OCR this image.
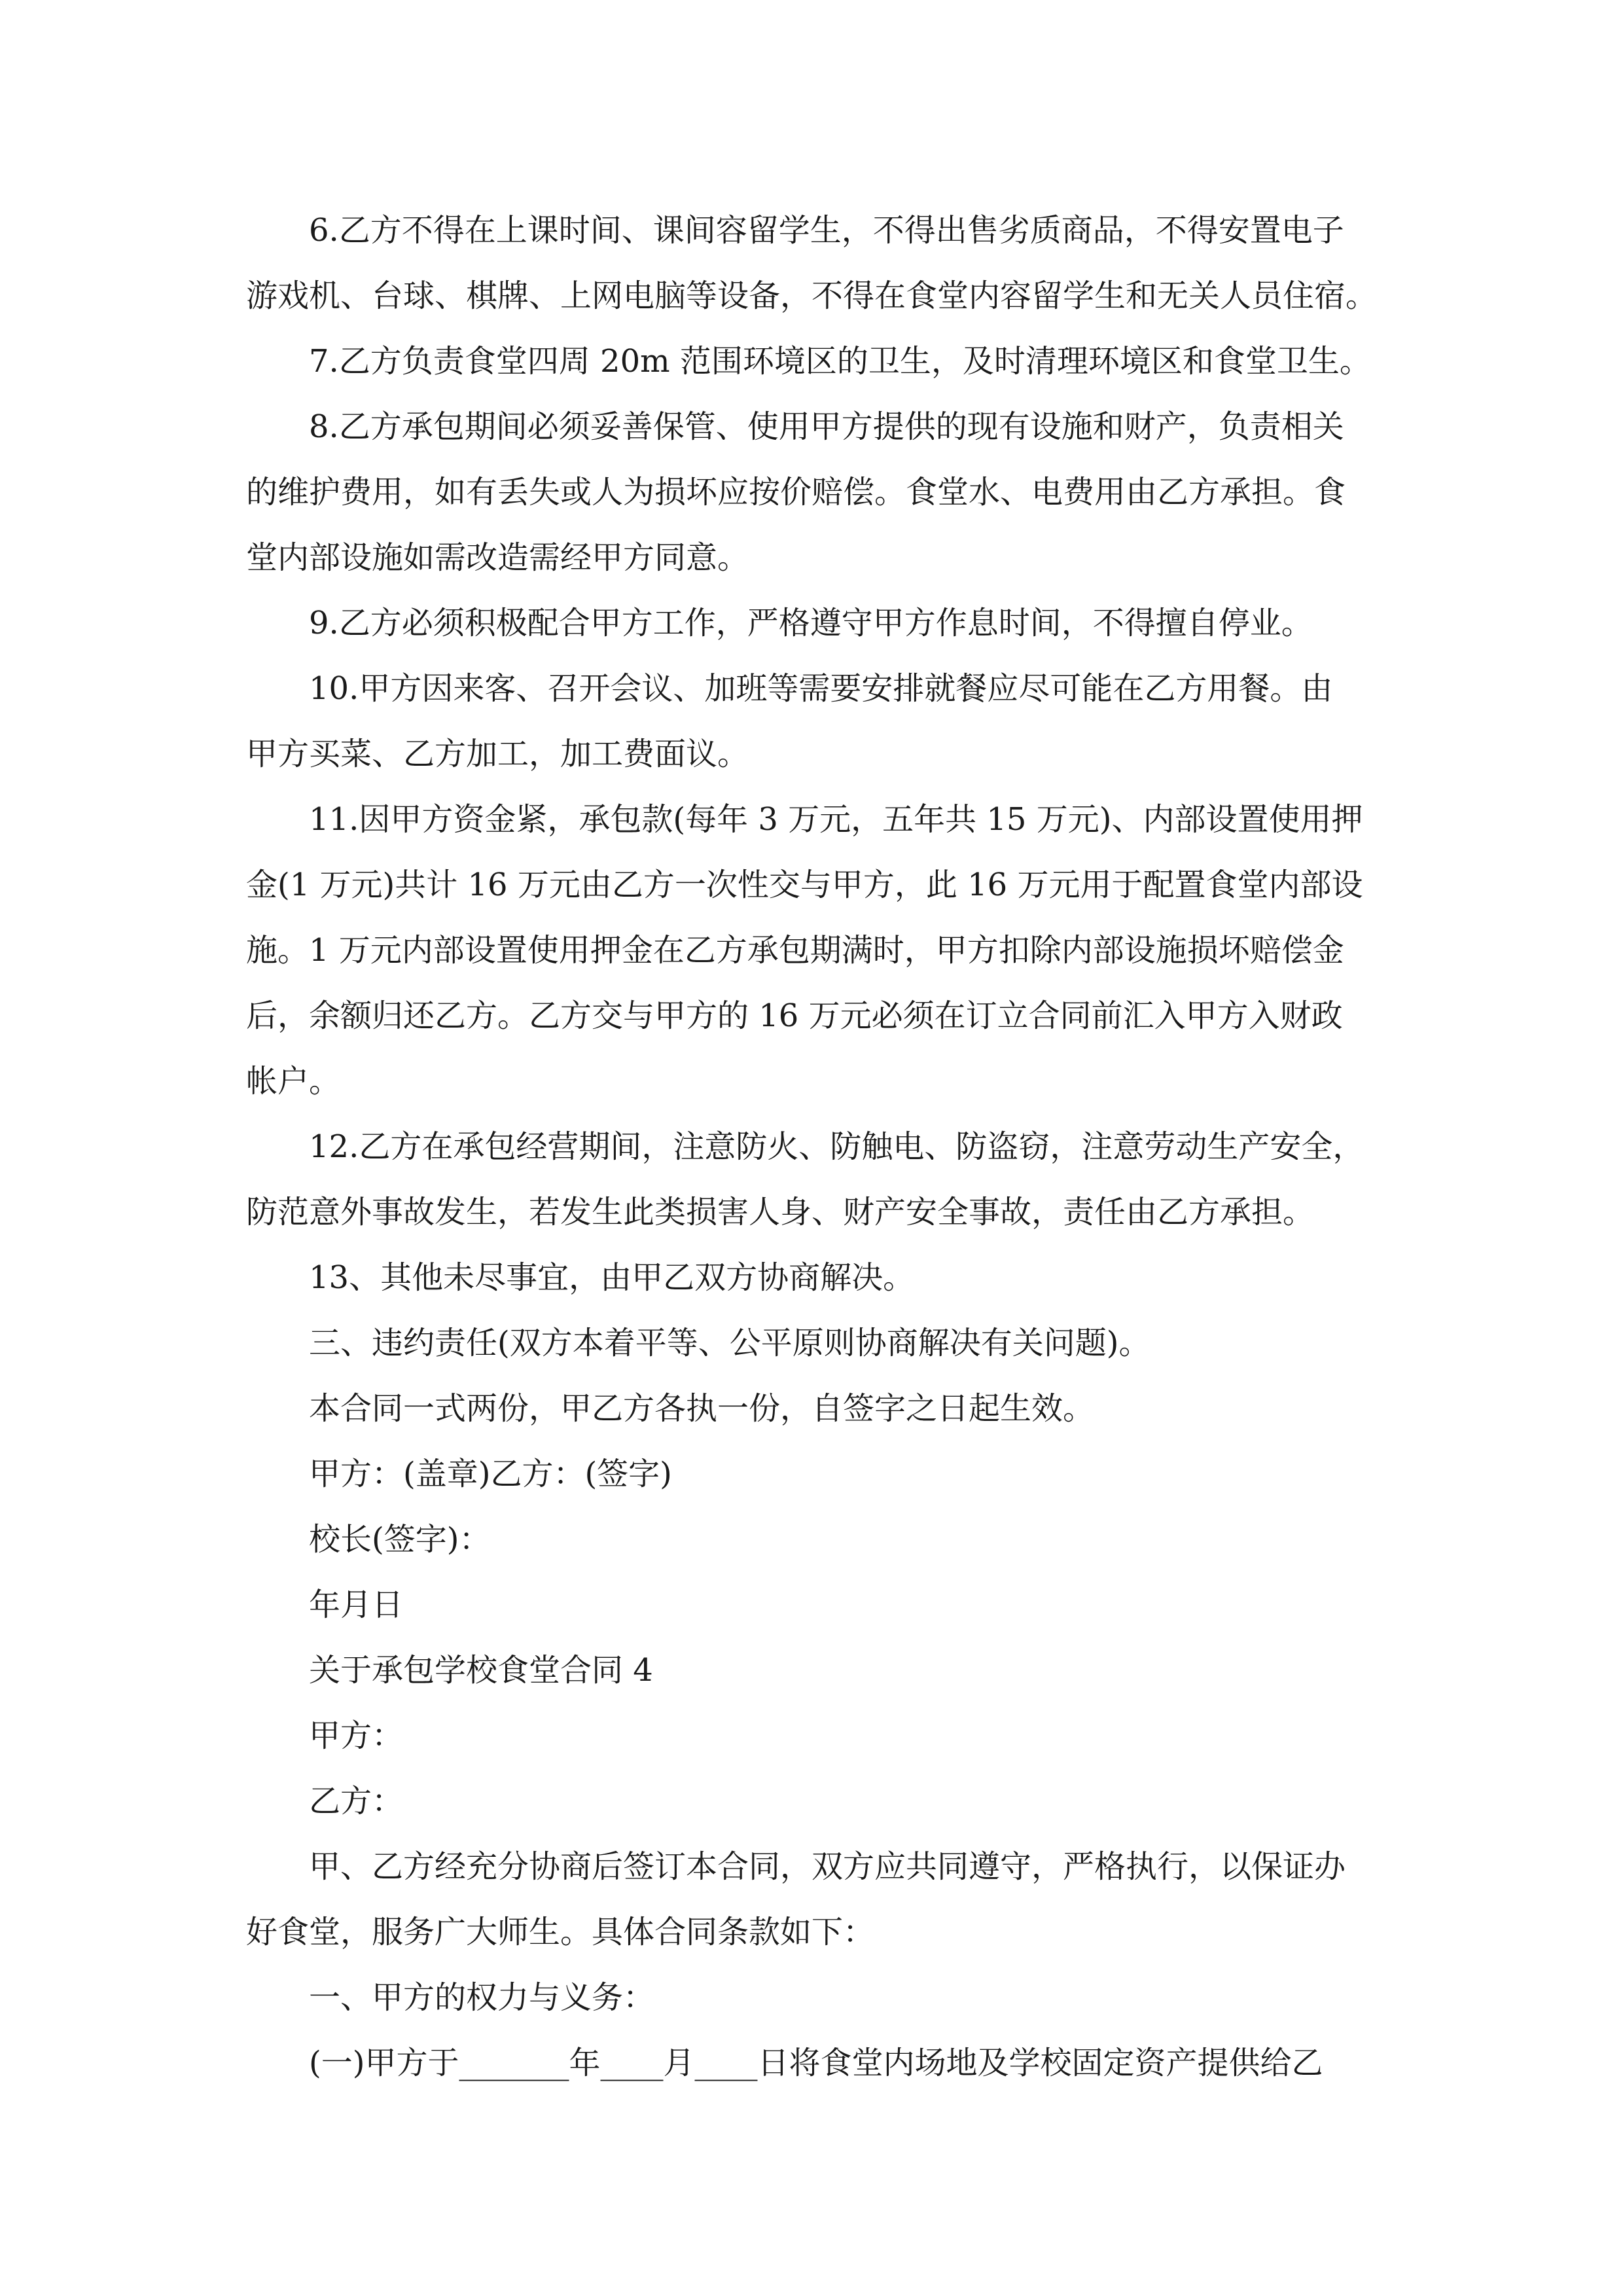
6.乙方不得在上课时间、课间容留学生，不得出售劣质商品，不得安置电子
游戏机、台球、棋牌、上网电脑等设备，不得在食堂内容留学生和无关人员住宿。
7.乙方负责食堂四周 20m 范围环境区的卫生，及时清理环境区和食堂卫生。
8.乙方承包期间必须妥善保管、使用甲方提供的现有设施和财产，负责相关
的维护费用，如有丢失或人为损坏应按价赔偿。食堂水、电费用由乙方承担。食
堂内部设施如需改造需经甲方同意。
9.乙方必须积极配合甲方工作，严格遵守甲方作息时间，不得擅自停业。
10.甲方因来客、召开会议、加班等需要安排就餐应尽可能在乙方用餐。由
甲方买菜、乙方加工，加工费面议。
11.因甲方资金紧，承包款(每年 3 万元，五年共 15 万元)、内部设置使用押
金(1 万元)共计 16 万元由乙方一次性交与甲方，此 16 万元用于配置食堂内部设
施。1 万元内部设置使用押金在乙方承包期满时，甲方扣除内部设施损坏赔偿金
后，余额归还乙方。乙方交与甲方的 16 万元必须在订立合同前汇入甲方入财政
帐户。
12.乙方在承包经营期间，注意防火、防触电、防盗窃，注意劳动生产安全，
防范意外事故发生，若发生此类损害人身、财产安全事故，责任由乙方承担。
13、其他未尽事宜，由甲乙双方协商解决。
三、违约责任(双方本着平等、公平原则协商解决有关问题)。
本合同一式两份，甲乙方各执一份，自签字之日起生效。
甲方：(盖章)乙方：(签字)
校长(签字)：
年月日
关于承包学校食堂合同 4
甲方：
乙方：
甲、乙方经充分协商后签订本合同，双方应共同遵守，严格执行，以保证办
好食堂，服务广大师生。具体合同条款如下：
一、甲方的权力与义务：
(一)甲方于_______年____月____日将食堂内场地及学校固定资产提供给乙
